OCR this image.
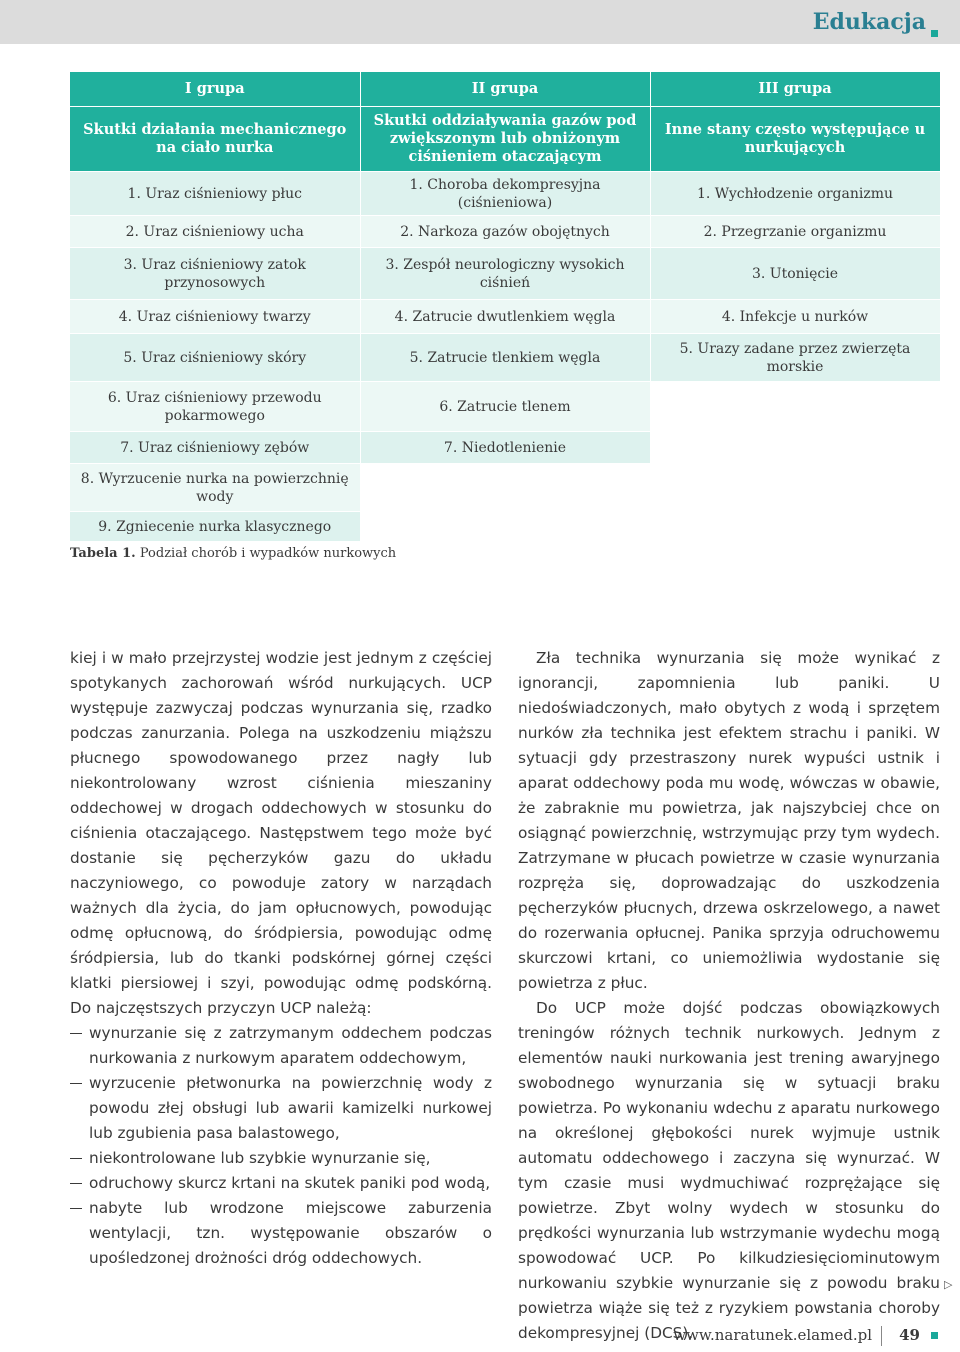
Edukacja
I grupa	II grupa	III grupa
Skutki działania mechanicznego na ciało nurka	Skutki oddziaływania gazów pod zwiększonym lub obniżonym ciśnieniem otaczającym	Inne stany często występujące u nurkujących
1. Uraz ciśnieniowy płuc	1. Choroba dekompresyjna (ciśnieniowa)	1. Wychłodzenie organizmu
2. Uraz ciśnieniowy ucha	2. Narkoza gazów obojętnych	2. Przegrzanie organizmu
3. Uraz ciśnieniowy zatok przynosowych	3. Zespół neurologiczny wysokich ciśnień	3. Utonięcie
4. Uraz ciśnieniowy twarzy	4. Zatrucie dwutlenkiem węgla	4. Infekcje u nurków
5. Uraz ciśnieniowy skóry	5. Zatrucie tlenkiem węgla	5. Urazy zadane przez zwierzęta morskie
6. Uraz ciśnieniowy przewodu pokarmowego	6. Zatrucie tlenem	
7. Uraz ciśnieniowy zębów	7. Niedotlenienie	
8. Wyrzucenie nurka na powierzchnię wody		
9. Zgniecenie nurka klasycznego		
Tabela 1. Podział chorób i wypadków nurkowych

kiej i w mało przejrzystej wodzie jest jednym z częściej spotykanych zachorowań wśród nurkujących. UCP występuje zazwyczaj podczas wynurzania się, rzadko podczas zanurzania. Polega na uszkodzeniu miąższu płucnego spowodowanego przez nagły lub niekontrolowany wzrost ciśnienia mieszaniny oddechowej w drogach oddechowych w stosunku do ciśnienia otaczającego. Następstwem tego może być dostanie się pęcherzyków gazu do układu naczyniowego, co powoduje zatory w narządach ważnych dla życia, do jam opłucnowych, powodując odmę opłucnową, do śródpiersia, powodując odmę śródpiersia, lub do tkanki podskórnej górnej części klatki piersiowej i szyi, powodując odmę podskórną. Do najczęstszych przyczyn UCP należą:

wynurzanie się z zatrzymanym oddechem podczas nurkowania z nurkowym aparatem oddechowym,
wyrzucenie płetwonurka na powierzchnię wody z powodu złej obsługi lub awarii kamizelki nurkowej lub zgubienia pasa balastowego,
niekontrolowane lub szybkie wynurzanie się,
odruchowy skurcz krtani na skutek paniki pod wodą,
nabyte lub wrodzone miejscowe zaburzenia wentylacji, tzn. występowanie obszarów o upośledzonej drożności dróg oddechowych.

Zła technika wynurzania się może wynikać z ignorancji, zapomnienia lub paniki. U niedoświadczonych, mało obytych z wodą i sprzętem nurków zła technika jest efektem strachu i paniki. W sytuacji gdy przestraszony nurek wypuści ustnik i aparat oddechowy poda mu wodę, wówczas w obawie, że zabraknie mu powietrza, jak najszybciej chce on osiągnąć powierzchnię, wstrzymując przy tym wydech. Zatrzymane w płucach powietrze w czasie wynurzania rozpręża się, doprowadzając do uszkodzenia pęcherzyków płucnych, drzewa oskrzelowego, a nawet do rozerwania opłucnej. Panika sprzyja odruchowemu skurczowi krtani, co uniemożliwia wydostanie się powietrza z płuc.

Do UCP może dojść podczas obowiązkowych treningów różnych technik nurkowych. Jednym z elementów nauki nurkowania jest trening awaryjnego swobodnego wynurzania się w sytuacji braku powietrza. Po wykonaniu wdechu z aparatu nurkowego na określonej głębokości nurek wyjmuje ustnik automatu oddechowego i zaczyna się wynurzać. W tym czasie musi wydmuchiwać rozprężające się powietrze. Zbyt wolny wydech w stosunku do prędkości wynurzania lub wstrzymanie wydechu mogą spowodować UCP. Po kilkudziesięciominutowym nurkowaniu szybkie wynurzanie się z powodu braku powietrza wiąże się też z ryzykiem powstania choroby dekompresyjnej (DCS).

▷
www.naratunek.elamed.pl 49
